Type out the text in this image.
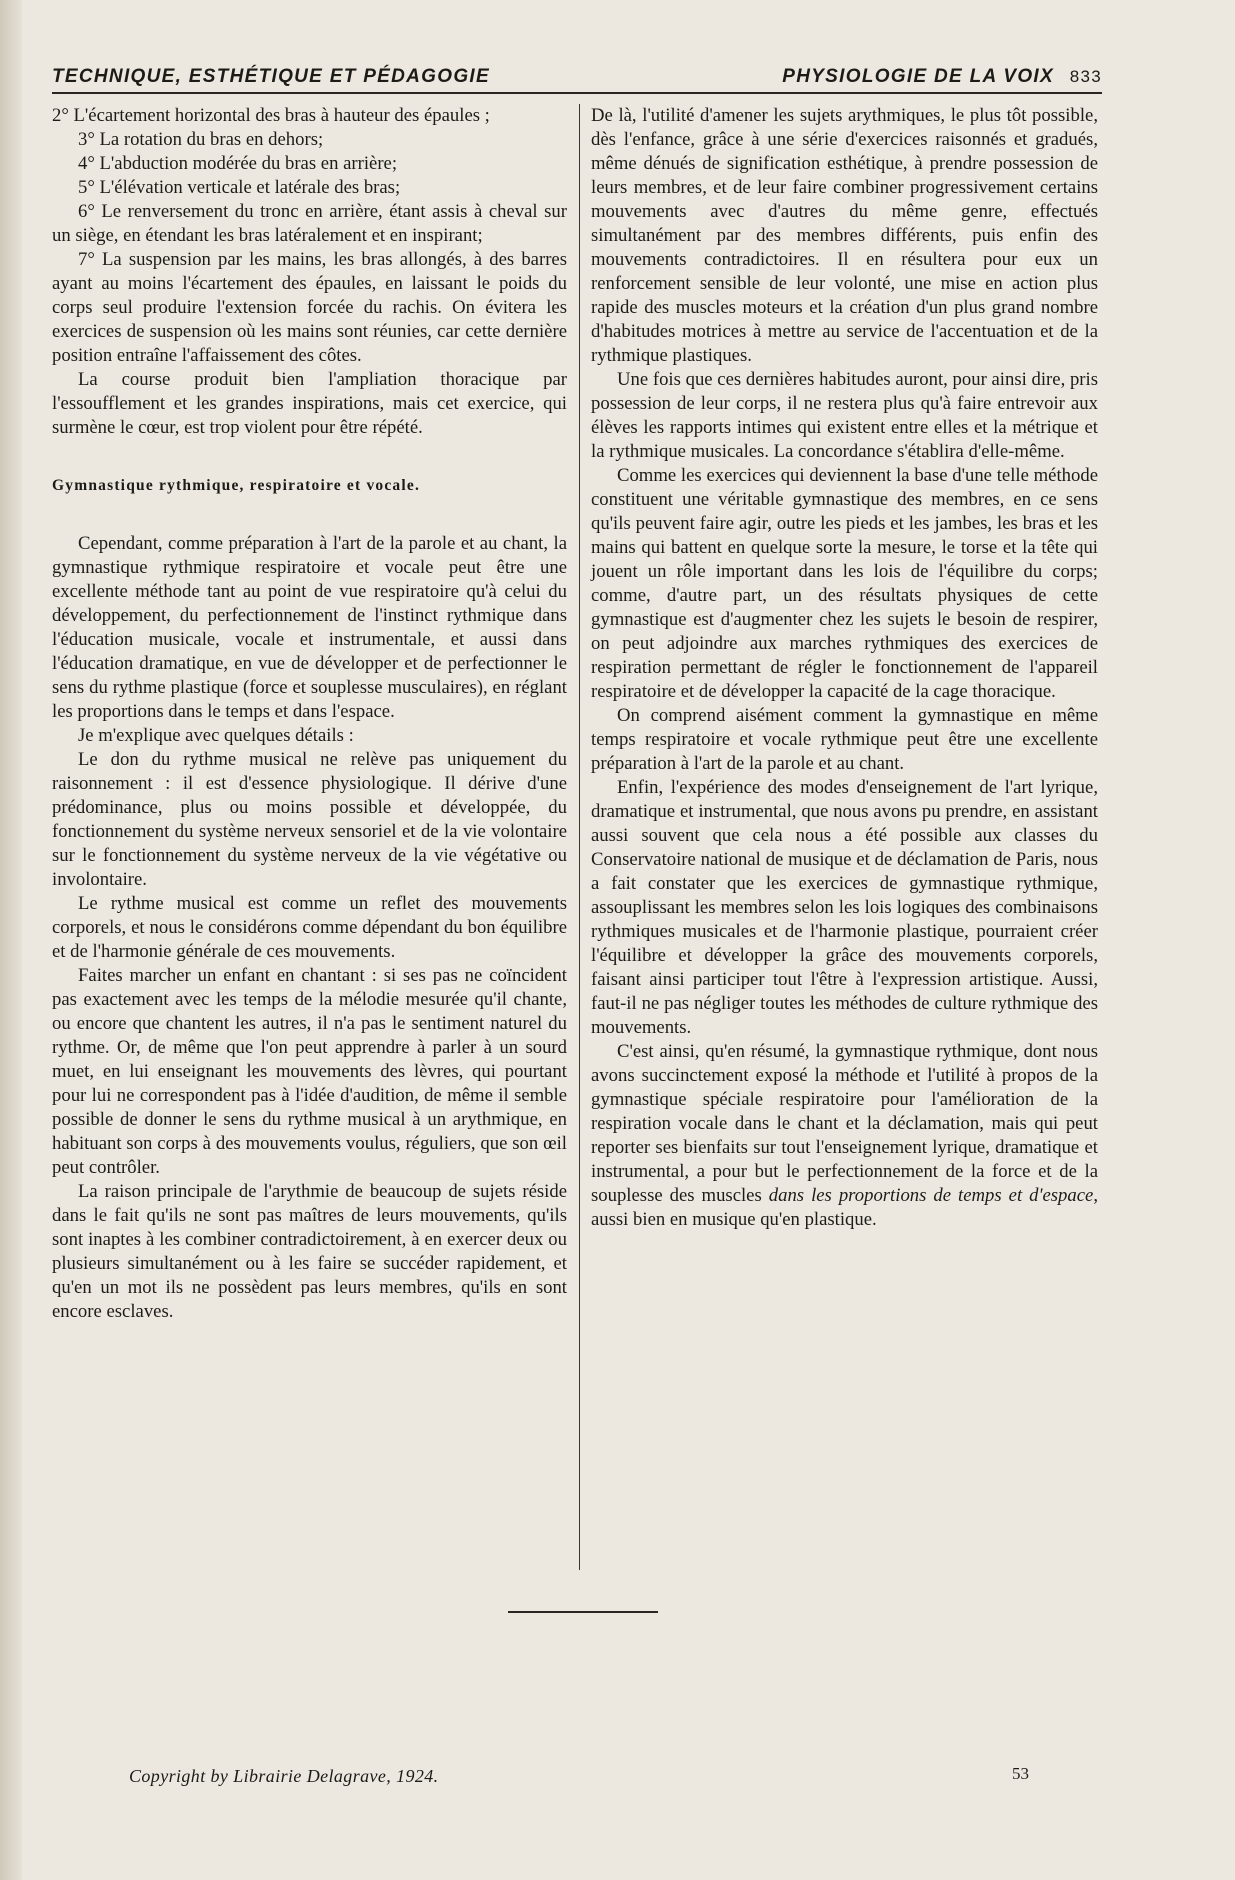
TECHNIQUE, ESTHÉTIQUE ET PÉDAGOGIE	PHYSIOLOGIE DE LA VOIX 833

2° L'écartement horizontal des bras à hauteur des épaules ;

3° La rotation du bras en dehors;

4° L'abduction modérée du bras en arrière;

5° L'élévation verticale et latérale des bras;

6° Le renversement du tronc en arrière, étant assis à cheval sur un siège, en étendant les bras latéralement et en inspirant;

7° La suspension par les mains, les bras allongés, à des barres ayant au moins l'écartement des épaules, en laissant le poids du corps seul produire l'extension forcée du rachis. On évitera les exercices de suspension où les mains sont réunies, car cette dernière position entraîne l'affaissement des côtes.

La course produit bien l'ampliation thoracique par l'essoufflement et les grandes inspirations, mais cet exercice, qui surmène le cœur, est trop violent pour être répété.

Gymnastique rythmique, respiratoire et vocale.

Cependant, comme préparation à l'art de la parole et au chant, la gymnastique rythmique respiratoire et vocale peut être une excellente méthode tant au point de vue respiratoire qu'à celui du développement, du perfectionnement de l'instinct rythmique dans l'éducation musicale, vocale et instrumentale, et aussi dans l'éducation dramatique, en vue de développer et de perfectionner le sens du rythme plastique (force et souplesse musculaires), en réglant les proportions dans le temps et dans l'espace.

Je m'explique avec quelques détails :

Le don du rythme musical ne relève pas uniquement du raisonnement : il est d'essence physiologique. Il dérive d'une prédominance, plus ou moins possible et développée, du fonctionnement du système nerveux sensoriel et de la vie volontaire sur le fonctionnement du système nerveux de la vie végétative ou involontaire.

Le rythme musical est comme un reflet des mouvements corporels, et nous le considérons comme dépendant du bon équilibre et de l'harmonie générale de ces mouvements.

Faites marcher un enfant en chantant : si ses pas ne coïncident pas exactement avec les temps de la mélodie mesurée qu'il chante, ou encore que chantent les autres, il n'a pas le sentiment naturel du rythme. Or, de même que l'on peut apprendre à parler à un sourd muet, en lui enseignant les mouvements des lèvres, qui pourtant pour lui ne correspondent pas à l'idée d'audition, de même il semble possible de donner le sens du rythme musical à un arythmique, en habituant son corps à des mouvements voulus, réguliers, que son œil peut contrôler.

La raison principale de l'arythmie de beaucoup de sujets réside dans le fait qu'ils ne sont pas maîtres de leurs mouvements, qu'ils sont inaptes à les combiner contradictoirement, à en exercer deux ou plusieurs simultanément ou à les faire se succéder rapidement, et qu'en un mot ils ne possèdent pas leurs membres, qu'ils en sont encore esclaves.

De là, l'utilité d'amener les sujets arythmiques, le plus tôt possible, dès l'enfance, grâce à une série d'exercices raisonnés et gradués, même dénués de signification esthétique, à prendre possession de leurs membres, et de leur faire combiner progressivement certains mouvements avec d'autres du même genre, effectués simultanément par des membres différents, puis enfin des mouvements contradictoires. Il en résultera pour eux un renforcement sensible de leur volonté, une mise en action plus rapide des muscles moteurs et la création d'un plus grand nombre d'habitudes motrices à mettre au service de l'accentuation et de la rythmique plastiques.

Une fois que ces dernières habitudes auront, pour ainsi dire, pris possession de leur corps, il ne restera plus qu'à faire entrevoir aux élèves les rapports intimes qui existent entre elles et la métrique et la rythmique musicales. La concordance s'établira d'elle-même.

Comme les exercices qui deviennent la base d'une telle méthode constituent une véritable gymnastique des membres, en ce sens qu'ils peuvent faire agir, outre les pieds et les jambes, les bras et les mains qui battent en quelque sorte la mesure, le torse et la tête qui jouent un rôle important dans les lois de l'équilibre du corps; comme, d'autre part, un des résultats physiques de cette gymnastique est d'augmenter chez les sujets le besoin de respirer, on peut adjoindre aux marches rythmiques des exercices de respiration permettant de régler le fonctionnement de l'appareil respiratoire et de développer la capacité de la cage thoracique.

On comprend aisément comment la gymnastique en même temps respiratoire et vocale rythmique peut être une excellente préparation à l'art de la parole et au chant.

Enfin, l'expérience des modes d'enseignement de l'art lyrique, dramatique et instrumental, que nous avons pu prendre, en assistant aussi souvent que cela nous a été possible aux classes du Conservatoire national de musique et de déclamation de Paris, nous a fait constater que les exercices de gymnastique rythmique, assouplissant les membres selon les lois logiques des combinaisons rythmiques musicales et de l'harmonie plastique, pourraient créer l'équilibre et développer la grâce des mouvements corporels, faisant ainsi participer tout l'être à l'expression artistique. Aussi, faut-il ne pas négliger toutes les méthodes de culture rythmique des mouvements.

C'est ainsi, qu'en résumé, la gymnastique rythmique, dont nous avons succinctement exposé la méthode et l'utilité à propos de la gymnastique spéciale respiratoire pour l'amélioration de la respiration vocale dans le chant et la déclamation, mais qui peut reporter ses bienfaits sur tout l'enseignement lyrique, dramatique et instrumental, a pour but le perfectionnement de la force et de la souplesse des muscles dans les proportions de temps et d'espace, aussi bien en musique qu'en plastique.

Copyright by Librairie Delagrave, 1924.	53
